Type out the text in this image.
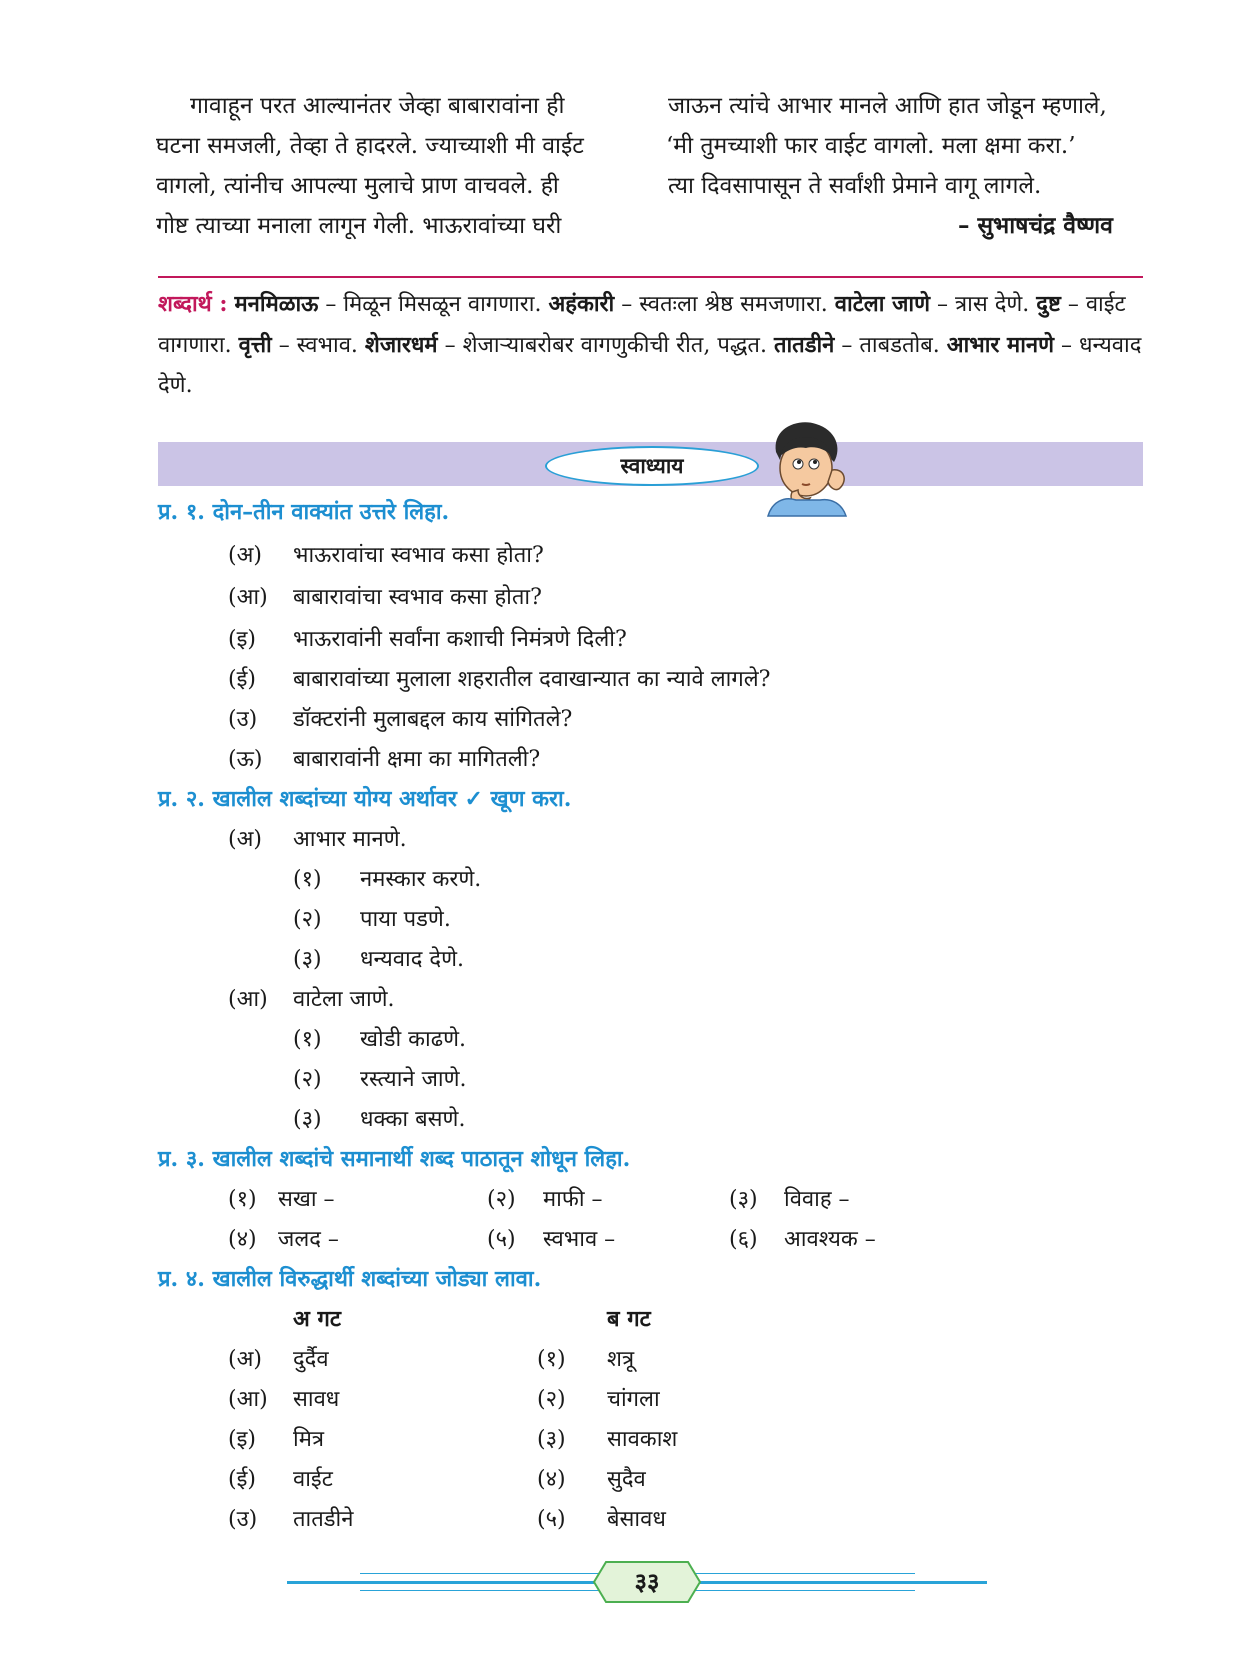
गावाहून परत आल्यानंतर जेव्हा बाबारावांना ही
घटना समजली, तेव्हा ते हादरले. ज्याच्याशी मी वाईट
वागलो, त्यांनीच आपल्या मुलाचे प्राण वाचवले. ही
गोष्ट त्याच्या मनाला लागून गेली. भाऊरावांच्या घरी
जाऊन त्यांचे आभार मानले आणि हात जोडून म्हणाले,
‘मी तुमच्याशी फार वाईट वागलो. मला क्षमा करा.’
त्या दिवसापासून ते सर्वांशी प्रेमाने वागू लागले.
– सुभाषचंद्र वैष्णव
शब्दार्थ : मनमिळाऊ – मिळून मिसळून वागणारा. अहंकारी – स्वतःला श्रेष्ठ समजणारा. वाटेला जाणे – त्रास देणे. दुष्ट – वाईट वागणारा. वृत्ती – स्वभाव. शेजारधर्म – शेजाऱ्याबरोबर वागणुकीची रीत, पद्धत. तातडीने – ताबडतोब. आभार मानणे – धन्यवाद देणे.
स्वाध्याय
प्र. १. दोन–तीन वाक्यांत उत्तरे लिहा.
(अ) भाऊरावांचा स्वभाव कसा होता?
(आ) बाबारावांचा स्वभाव कसा होता?
(इ) भाऊरावांनी सर्वांना कशाची निमंत्रणे दिली?
(ई) बाबारावांच्या मुलाला शहरातील दवाखान्यात का न्यावे लागले?
(उ) डॉक्टरांनी मुलाबद्दल काय सांगितले?
(ऊ) बाबारावांनी क्षमा का मागितली?
प्र. २. खालील शब्दांच्या योग्य अर्थावर ✓ खूण करा.
(अ) आभार मानणे.
(१) नमस्कार करणे.
(२) पाया पडणे.
(३) धन्यवाद देणे.
(आ) वाटेला जाणे.
(१) खोडी काढणे.
(२) रस्त्याने जाणे.
(३) धक्का बसणे.
प्र. ३. खालील शब्दांचे समानार्थी शब्द पाठातून शोधून लिहा.
(१) सखा –	(२) माफी –	(३) विवाह –
(४) जलद –	(५) स्वभाव –	(६) आवश्यक –
प्र. ४. खालील विरुद्धार्थी शब्दांच्या जोड्या लावा.
अ गट	ब गट
(अ) दुर्दैव	(१) शत्रू
(आ) सावध	(२) चांगला
(इ) मित्र	(३) सावकाश
(ई) वाईट	(४) सुदैव
(उ) तातडीने	(५) बेसावध
३३
